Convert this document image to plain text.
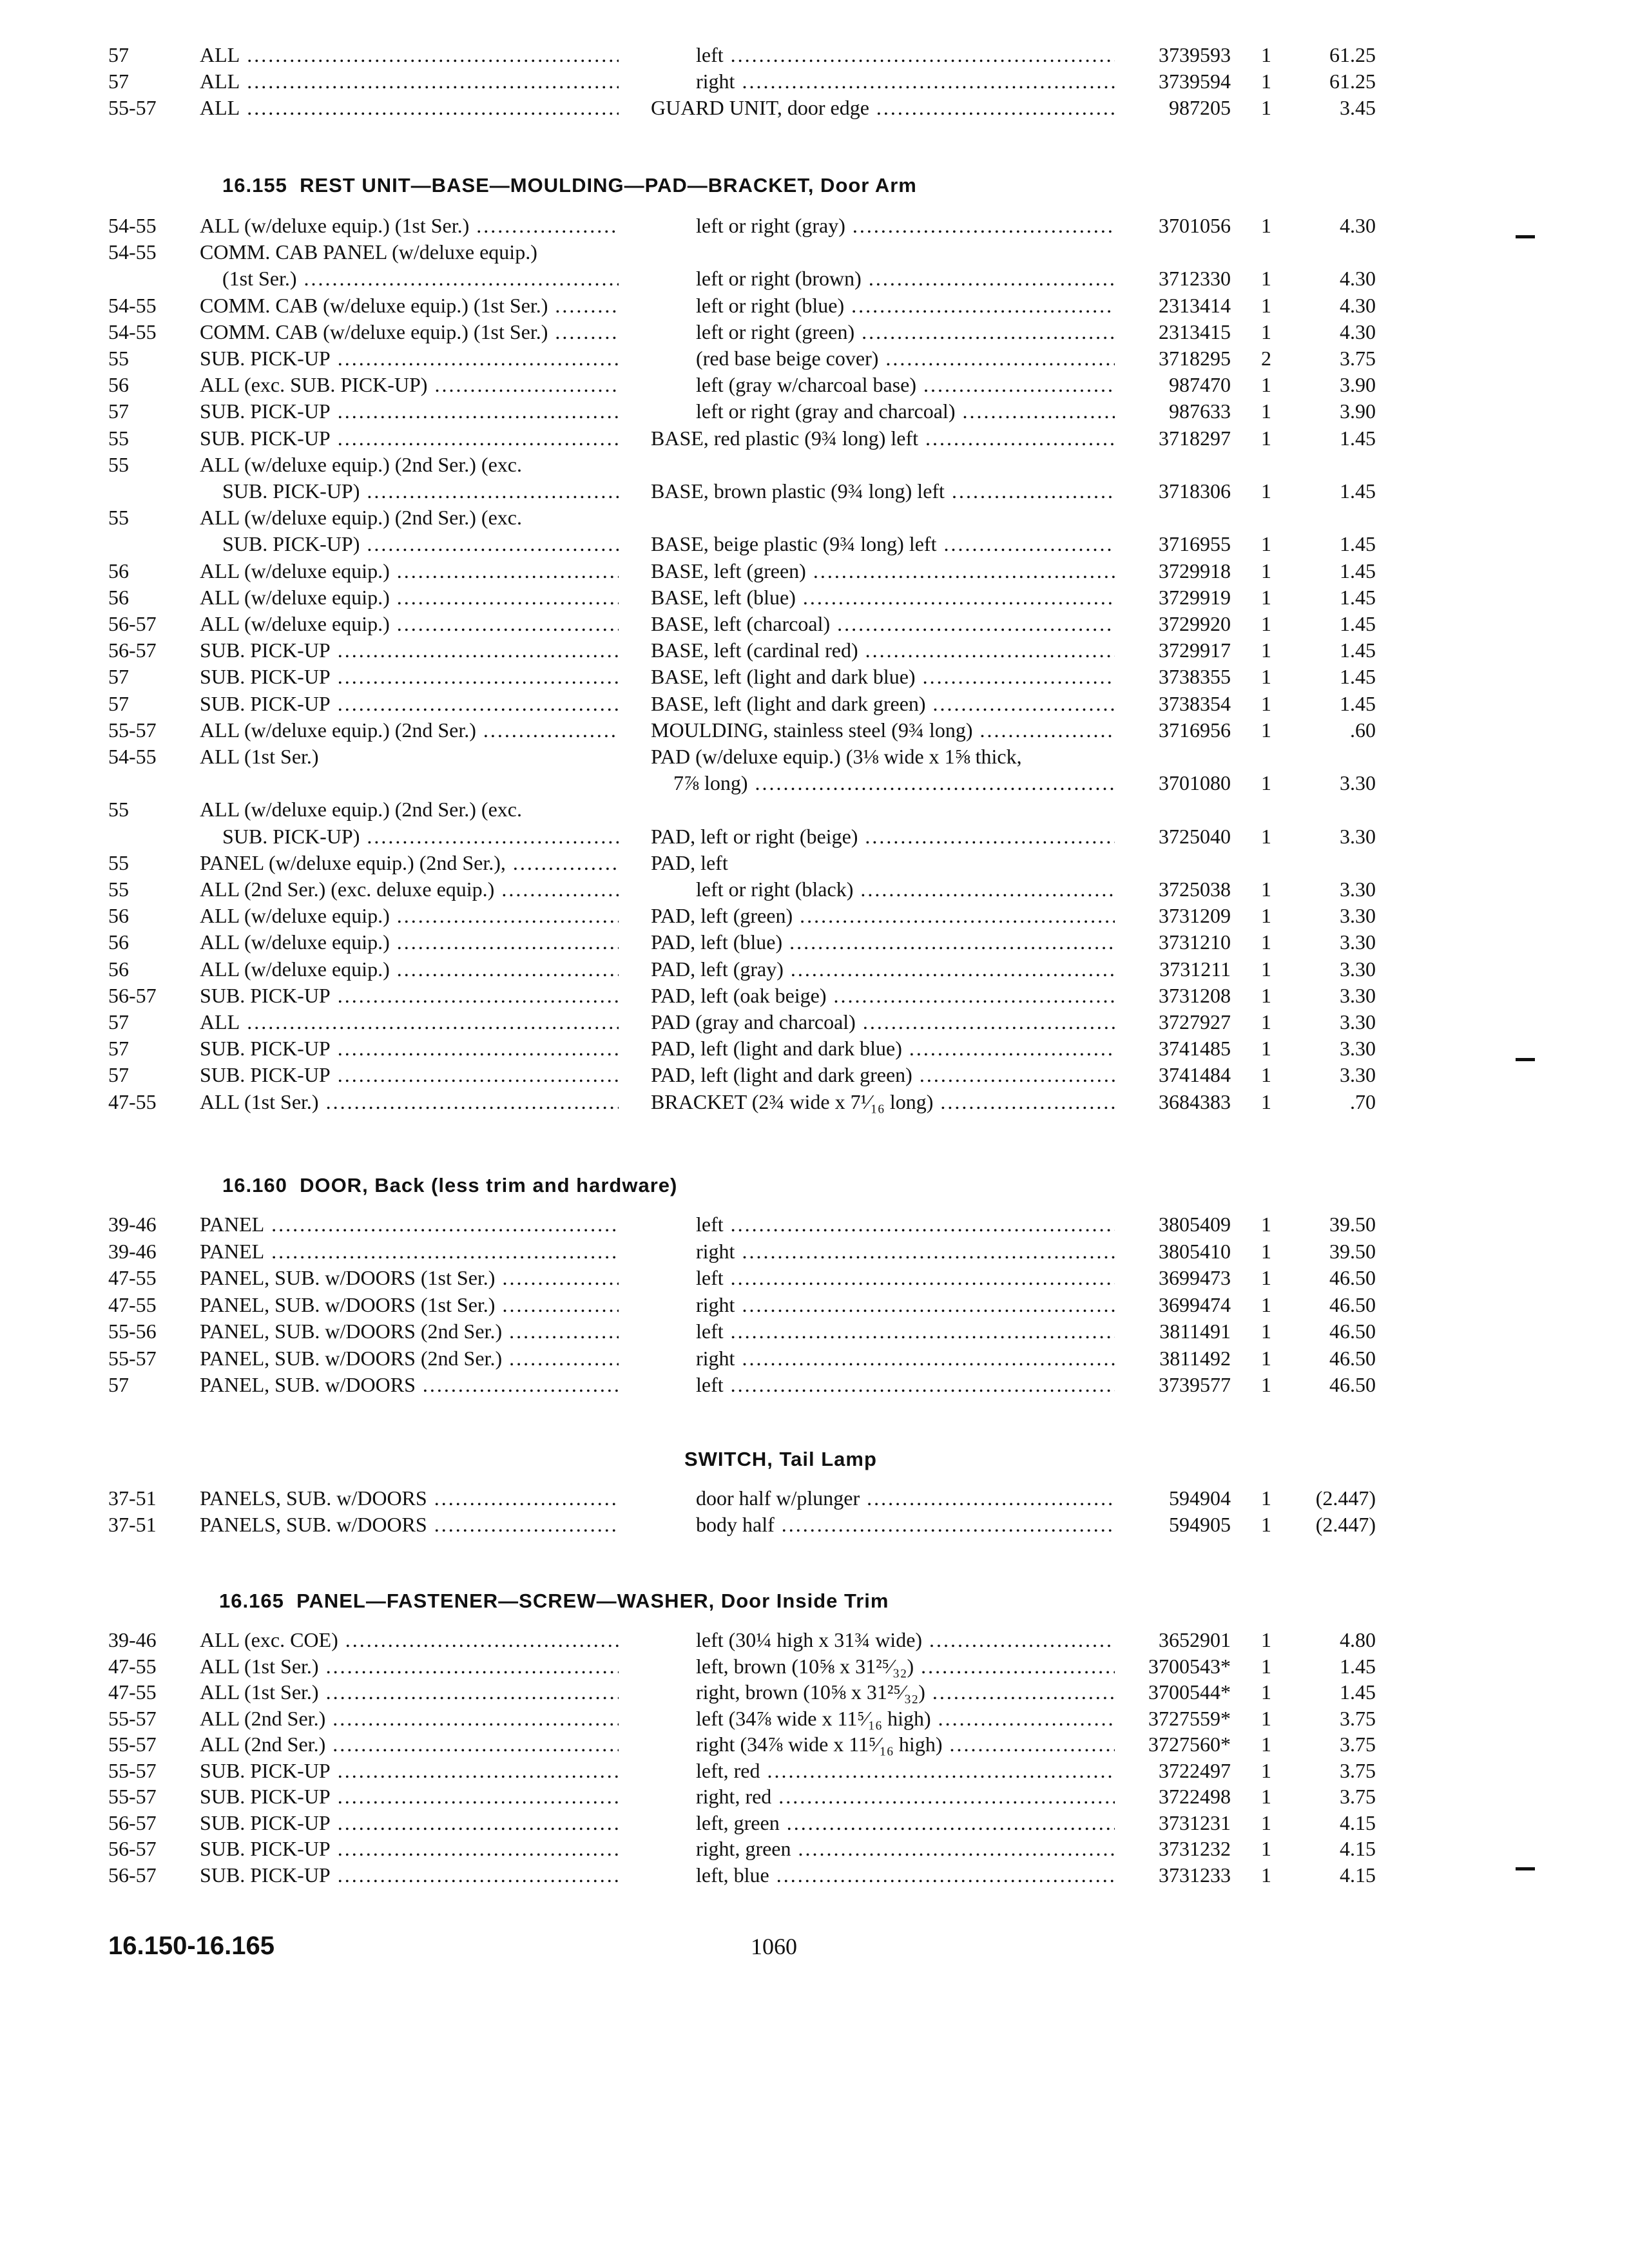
57	ALL .....	left .....	3739593	1	61.25
57	ALL .....	right .....	3739594	1	61.25
55-57	ALL .....	GUARD UNIT, door edge .....	987205	1	3.45
16.155 REST UNIT—BASE—MOULDING—PAD—BRACKET, Door Arm
54-55	ALL (w/deluxe equip.) (1st Ser.) .....	left or right (gray) .....	3701056	1	4.30
54-55	COMM. CAB PANEL (w/deluxe equip.)
(1st Ser.) .....	left or right (brown) .....	3712330	1	4.30
54-55	COMM. CAB (w/deluxe equip.) (1st Ser.) .....	left or right (blue) .....	2313414	1	4.30
54-55	COMM. CAB (w/deluxe equip.) (1st Ser.) .....	left or right (green) .....	2313415	1	4.30
55	SUB. PICK-UP .....	(red base beige cover) .....	3718295	2	3.75
56	ALL (exc. SUB. PICK-UP) .....	left (gray w/charcoal base) .....	987470	1	3.90
57	SUB. PICK-UP .....	left or right (gray and charcoal) .....	987633	1	3.90
55	SUB. PICK-UP .....	BASE, red plastic (9¾ long) left .....	3718297	1	1.45
55	ALL (w/deluxe equip.) (2nd Ser.) (exc.
SUB. PICK-UP) .....	BASE, brown plastic (9¾ long) left .....	3718306	1	1.45
55	ALL (w/deluxe equip.) (2nd Ser.) (exc.
SUB. PICK-UP) .....	BASE, beige plastic (9¾ long) left .....	3716955	1	1.45
56	ALL (w/deluxe equip.) .....	BASE, left (green) .....	3729918	1	1.45
56	ALL (w/deluxe equip.) .....	BASE, left (blue) .....	3729919	1	1.45
56-57	ALL (w/deluxe equip.) .....	BASE, left (charcoal) .....	3729920	1	1.45
56-57	SUB. PICK-UP .....	BASE, left (cardinal red) .....	3729917	1	1.45
57	SUB. PICK-UP .....	BASE, left (light and dark blue) .....	3738355	1	1.45
57	SUB. PICK-UP .....	BASE, left (light and dark green) .....	3738354	1	1.45
55-57	ALL (w/deluxe equip.) (2nd Ser.) .....	MOULDING, stainless steel (9¾ long) .....	3716956	1	.60
54-55	ALL (1st Ser.)	PAD (w/deluxe equip.) (3⅛ wide x 1⅝ thick,
7⅞ long) .....	3701080	1	3.30
55	ALL (w/deluxe equip.) (2nd Ser.) (exc.
SUB. PICK-UP) .....	PAD, left or right (beige) .....	3725040	1	3.30
55	PANEL (w/deluxe equip.) (2nd Ser.), .....	PAD, left
55	ALL (2nd Ser.) (exc. deluxe equip.) .....	left or right (black) .....	3725038	1	3.30
56	ALL (w/deluxe equip.) .....	PAD, left (green) .....	3731209	1	3.30
56	ALL (w/deluxe equip.) .....	PAD, left (blue) .....	3731210	1	3.30
56	ALL (w/deluxe equip.) .....	PAD, left (gray) .....	3731211	1	3.30
56-57	SUB. PICK-UP .....	PAD, left (oak beige) .....	3731208	1	3.30
57	ALL .....	PAD (gray and charcoal) .....	3727927	1	3.30
57	SUB. PICK-UP .....	PAD, left (light and dark blue) .....	3741485	1	3.30
57	SUB. PICK-UP .....	PAD, left (light and dark green) .....	3741484	1	3.30
47-55	ALL (1st Ser.) .....	BRACKET (2¾ wide x 7¹⁄₁₆ long) .....	3684383	1	.70
16.160 DOOR, Back (less trim and hardware)
39-46	PANEL .....	left .....	3805409	1	39.50
39-46	PANEL .....	right .....	3805410	1	39.50
47-55	PANEL, SUB. w/DOORS (1st Ser.) .....	left .....	3699473	1	46.50
47-55	PANEL, SUB. w/DOORS (1st Ser.) .....	right .....	3699474	1	46.50
55-56	PANEL, SUB. w/DOORS (2nd Ser.) .....	left .....	3811491	1	46.50
55-57	PANEL, SUB. w/DOORS (2nd Ser.) .....	right .....	3811492	1	46.50
57	PANEL, SUB. w/DOORS .....	left .....	3739577	1	46.50
SWITCH, Tail Lamp
37-51	PANELS, SUB. w/DOORS .....	door half w/plunger .....	594904	1	(2.447)
37-51	PANELS, SUB. w/DOORS .....	body half .....	594905	1	(2.447)
16.165 PANEL—FASTENER—SCREW—WASHER, Door Inside Trim
39-46	ALL (exc. COE) .....	left (30¼ high x 31¾ wide) .....	3652901	1	4.80
47-55	ALL (1st Ser.) .....	left, brown (10⅝ x 31²⁵⁄₃₂) .....	3700543*	1	1.45
47-55	ALL (1st Ser.) .....	right, brown (10⅝ x 31²⁵⁄₃₂) .....	3700544*	1	1.45
55-57	ALL (2nd Ser.) .....	left (34⅞ wide x 11⁵⁄₁₆ high) .....	3727559*	1	3.75
55-57	ALL (2nd Ser.) .....	right (34⅞ wide x 11⁵⁄₁₆ high) .....	3727560*	1	3.75
55-57	SUB. PICK-UP .....	left, red .....	3722497	1	3.75
55-57	SUB. PICK-UP .....	right, red .....	3722498	1	3.75
56-57	SUB. PICK-UP .....	left, green .....	3731231	1	4.15
56-57	SUB. PICK-UP .....	right, green .....	3731232	1	4.15
56-57	SUB. PICK-UP .....	left, blue .....	3731233	1	4.15
16.150-16.165	1060
